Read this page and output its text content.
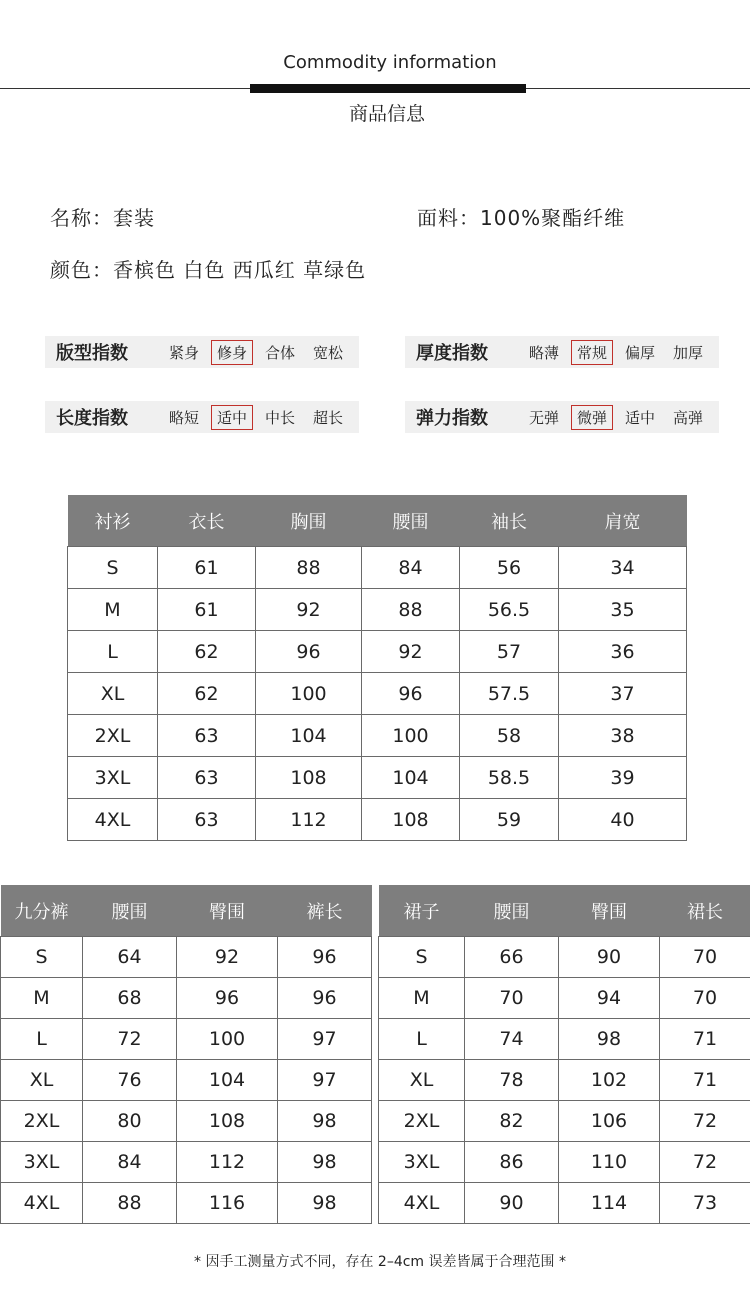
Commodity information
商品信息
名称：套装	面料：100%聚酯纤维
颜色：香槟色 白色 西瓜红 草绿色
版型指数	紧身	修身	合体	宽松	厚度指数	略薄	常规	偏厚	加厚
长度指数	略短	适中	中长	超长	弹力指数	无弹	微弹	适中	高弹
衬衫	衣长	胸围	腰围	袖长	肩宽
S	61	88	84	56	34
M	61	92	88	56.5	35
L	62	96	92	57	36
XL	62	100	96	57.5	37
2XL	63	104	100	58	38
3XL	63	108	104	58.5	39
4XL	63	112	108	59	40
九分裤	腰围	臀围	裤长
S	64	92	96
M	68	96	96
L	72	100	97
XL	76	104	97
2XL	80	108	98
3XL	84	112	98
4XL	88	116	98
裙子	腰围	臀围	裙长
S	66	90	70
M	70	94	70
L	74	98	71
XL	78	102	71
2XL	82	106	72
3XL	86	110	72
4XL	90	114	73
* 因手工测量方式不同，存在 2–4cm 误差皆属于合理范围 *
